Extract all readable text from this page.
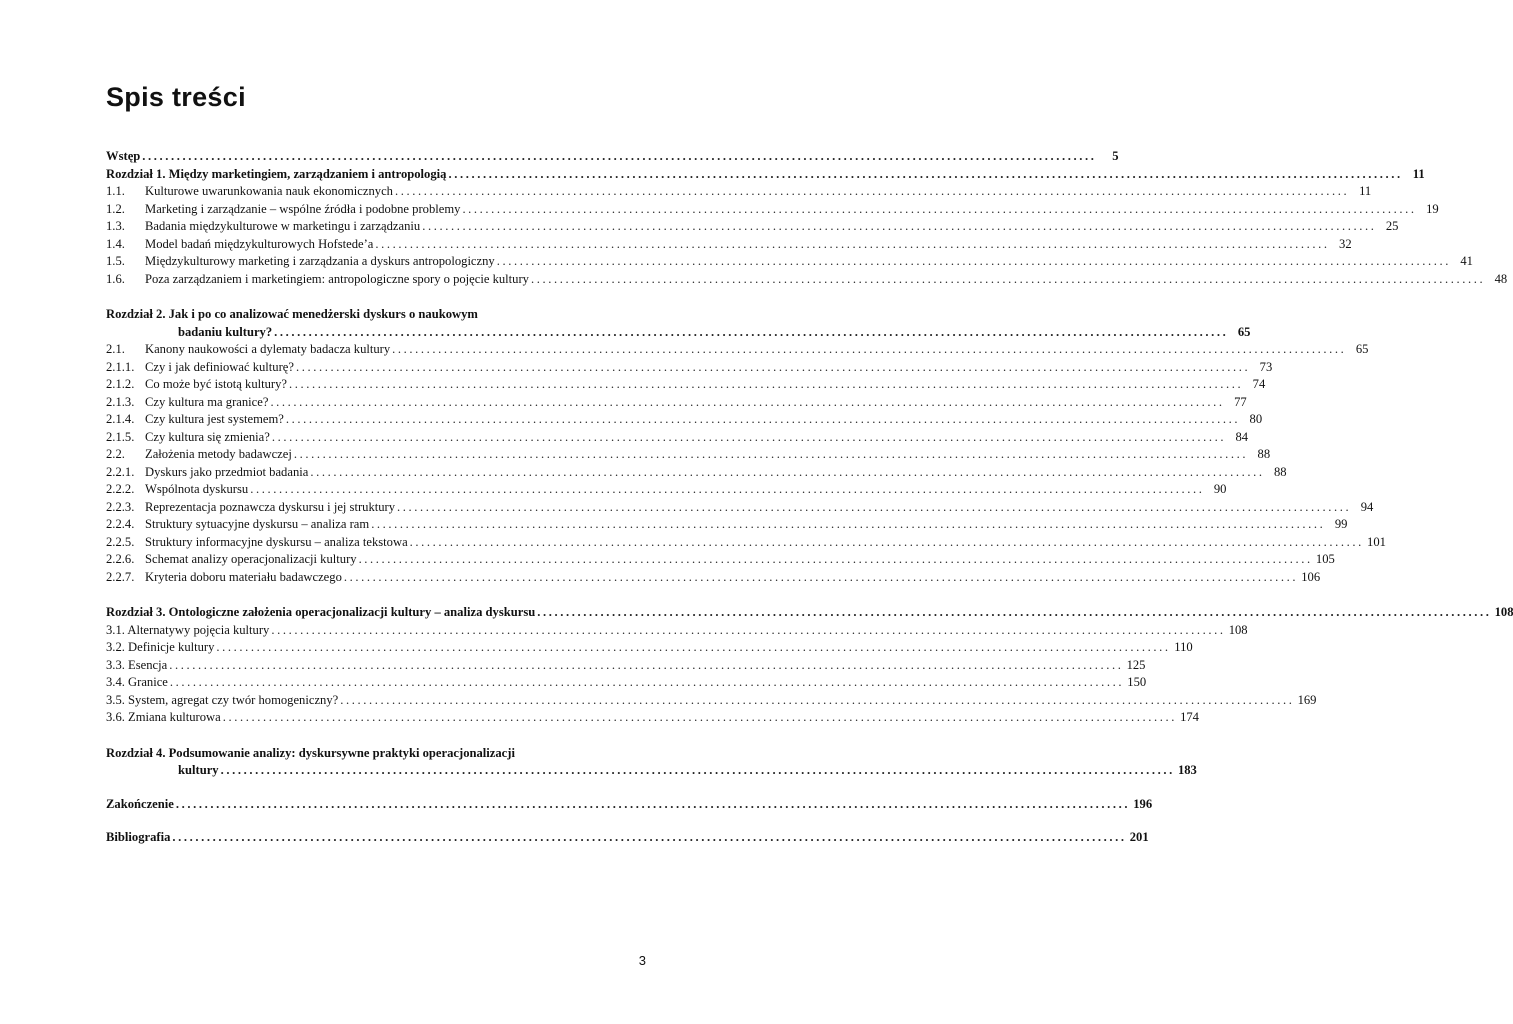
Spis treści
Wstęp ......................................................................................................................................................................	5
Rozdział 1. Między marketingiem, zarządzaniem i antropologią ...................................................................................................................................................................... 11
1.1.	Kulturowe uwarunkowania nauk ekonomicznych ...................................................................................................................................................................... 11
1.2.	Marketing i zarządzanie – wspólne źródła i podobne problemy ...................................................................................................................................................................... 19
1.3.	Badania międzykulturowe w marketingu i zarządzaniu ...................................................................................................................................................................... 25
1.4.	Model badań międzykulturowych Hofstede’a ...................................................................................................................................................................... 32
1.5.	Międzykulturowy marketing i zarządzania a dyskurs antropologiczny ...................................................................................................................................................................... 41
1.6.	Poza zarządzaniem i marketingiem: antropologiczne spory o pojęcie kultury ...................................................................................................................................................................... 48
Rozdział 2. Jak i po co analizować menedżerski dyskurs o naukowym
badaniu kultury? ...................................................................................................................................................................... 65
2.1.	Kanony naukowości a dylematy badacza kultury ...................................................................................................................................................................... 65
2.1.1. Czy i jak definiować kulturę? ...................................................................................................................................................................... 73
2.1.2. Co może być istotą kultury? ...................................................................................................................................................................... 74
2.1.3. Czy kultura ma granice? ...................................................................................................................................................................... 77
2.1.4. Czy kultura jest systemem? ...................................................................................................................................................................... 80
2.1.5. Czy kultura się zmienia? ...................................................................................................................................................................... 84
2.2.	Założenia metody badawczej ...................................................................................................................................................................... 88
2.2.1. Dyskurs jako przedmiot badania ...................................................................................................................................................................... 88
2.2.2. Wspólnota dyskursu ...................................................................................................................................................................... 90
2.2.3. Reprezentacja poznawcza dyskursu i jej struktury ...................................................................................................................................................................... 94
2.2.4. Struktury sytuacyjne dyskursu – analiza ram ...................................................................................................................................................................... 99
2.2.5. Struktury informacyjne dyskursu – analiza tekstowa ...................................................................................................................................................................... 101
2.2.6. Schemat analizy operacjonalizacji kultury ...................................................................................................................................................................... 105
2.2.7. Kryteria doboru materiału badawczego ...................................................................................................................................................................... 106
Rozdział 3. Ontologiczne założenia operacjonalizacji kultury – analiza dyskursu ...................................................................................................................................................................... 108
3.1. Alternatywy pojęcia kultury ...................................................................................................................................................................... 108
3.2. Definicje kultury ...................................................................................................................................................................... 110
3.3. Esencja ...................................................................................................................................................................... 125
3.4. Granice ...................................................................................................................................................................... 150
3.5. System, agregat czy twór homogeniczny? ...................................................................................................................................................................... 169
3.6. Zmiana kulturowa ...................................................................................................................................................................... 174
Rozdział 4. Podsumowanie analizy: dyskursywne praktyki operacjonalizacji
kultury ...................................................................................................................................................................... 183
Zakończenie ...................................................................................................................................................................... 196
Bibliografia ...................................................................................................................................................................... 201
3
